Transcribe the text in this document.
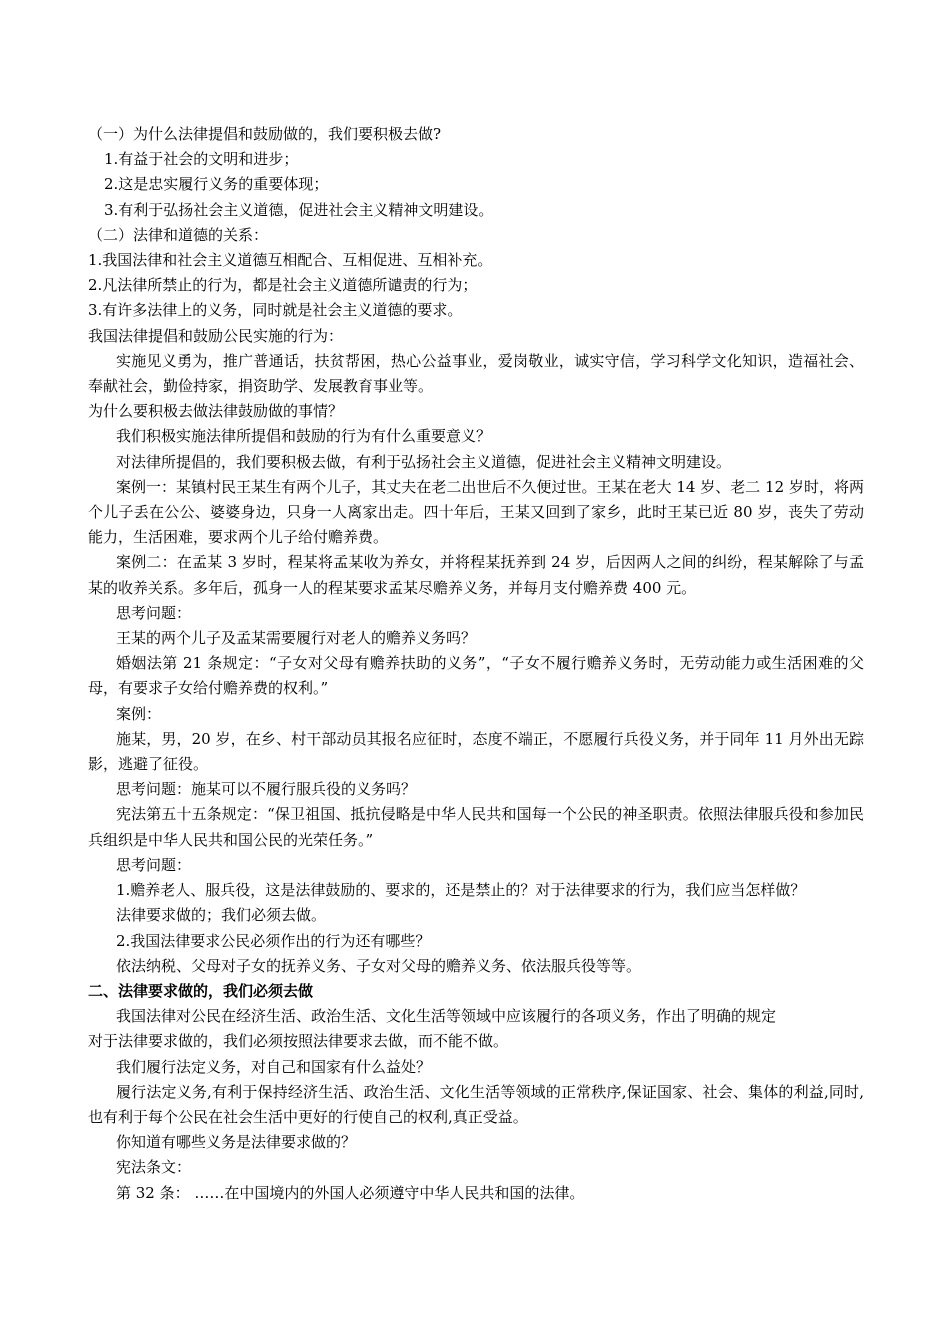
（一）为什么法律提倡和鼓励做的，我们要积极去做?
1.有益于社会的文明和进步；
2.这是忠实履行义务的重要体现；
3.有利于弘扬社会主义道德，促进社会主义精神文明建设。
（二）法律和道德的关系：
1.我国法律和社会主义道德互相配合、互相促进、互相补充。
2.凡法律所禁止的行为，都是社会主义道德所谴责的行为；
3.有许多法律上的义务，同时就是社会主义道德的要求。
我国法律提倡和鼓励公民实施的行为：
实施见义勇为，推广普通话，扶贫帮困，热心公益事业，爱岗敬业，诚实守信，学习科学文化知识，造福社会、奉献社会，勤俭持家，捐资助学、发展教育事业等。
为什么要积极去做法律鼓励做的事情？
我们积极实施法律所提倡和鼓励的行为有什么重要意义？
对法律所提倡的，我们要积极去做，有利于弘扬社会主义道德，促进社会主义精神文明建设。
案例一：某镇村民王某生有两个儿子，其丈夫在老二出世后不久便过世。王某在老大 14 岁、老二 12 岁时，将两个儿子丢在公公、婆婆身边，只身一人离家出走。四十年后，王某又回到了家乡，此时王某已近 80 岁，丧失了劳动能力，生活困难，要求两个儿子给付赡养费。
案例二：在孟某 3 岁时，程某将孟某收为养女，并将程某抚养到 24 岁，后因两人之间的纠纷，程某解除了与孟某的收养关系。多年后，孤身一人的程某要求孟某尽赡养义务，并每月支付赡养费 400 元。
思考问题：
王某的两个儿子及孟某需要履行对老人的赡养义务吗？
婚姻法第 21 条规定：“子女对父母有赡养扶助的义务”，“子女不履行赡养义务时，无劳动能力或生活困难的父母，有要求子女给付赡养费的权利。”
案例：
施某，男，20 岁，在乡、村干部动员其报名应征时，态度不端正，不愿履行兵役义务，并于同年 11 月外出无踪影，逃避了征役。
思考问题：施某可以不履行服兵役的义务吗？
宪法第五十五条规定：“保卫祖国、抵抗侵略是中华人民共和国每一个公民的神圣职责。依照法律服兵役和参加民兵组织是中华人民共和国公民的光荣任务。”
思考问题：
1.赡养老人、服兵役，这是法律鼓励的、要求的，还是禁止的？对于法律要求的行为，我们应当怎样做？
法律要求做的；我们必须去做。
2.我国法律要求公民必须作出的行为还有哪些？
依法纳税、父母对子女的抚养义务、子女对父母的赡养义务、依法服兵役等等。
二、法律要求做的，我们必须去做
我国法律对公民在经济生活、政治生活、文化生活等领域中应该履行的各项义务，作出了明确的规定
对于法律要求做的，我们必须按照法律要求去做，而不能不做。
我们履行法定义务，对自己和国家有什么益处？
履行法定义务,有利于保持经济生活、政治生活、文化生活等领域的正常秩序,保证国家、社会、集体的利益,同时,也有利于每个公民在社会生活中更好的行使自己的权利,真正受益。
你知道有哪些义务是法律要求做的？
宪法条文：
第 32 条： ……在中国境内的外国人必须遵守中华人民共和国的法律。
